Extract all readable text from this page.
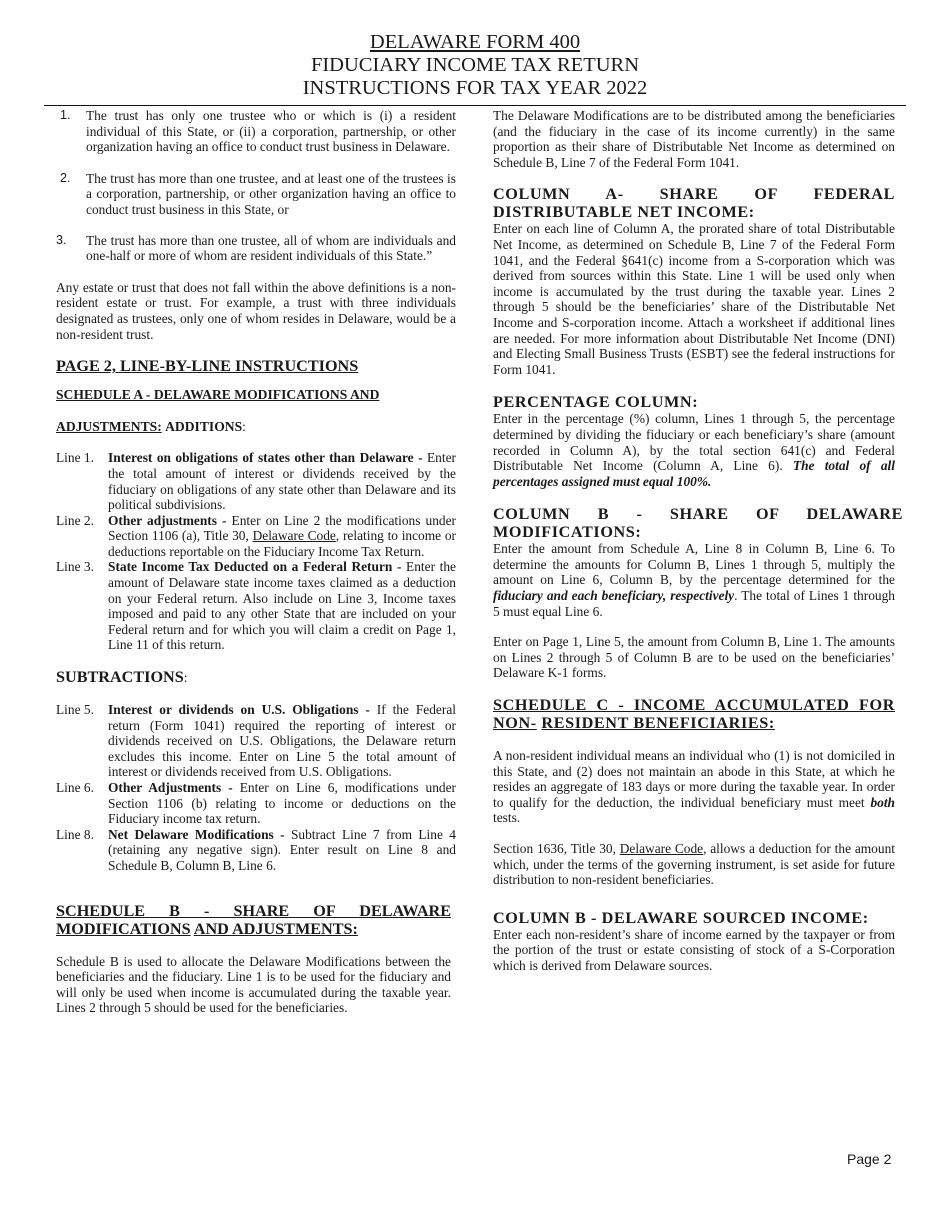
DELAWARE FORM 400
FIDUCIARY INCOME TAX RETURN
INSTRUCTIONS FOR TAX YEAR 2022
1. The trust has only one trustee who or which is (i) a resident individual of this State, or (ii) a corporation, partnership, or other organization having an office to conduct trust business in Delaware.
2. The trust has more than one trustee, and at least one of the trustees is a corporation, partnership, or other organization having an office to conduct trust business in this State, or
3. The trust has more than one trustee, all of whom are individuals and one-half or more of whom are resident individuals of this State.”

Any estate or trust that does not fall within the above definitions is a non-resident estate or trust. For example, a trust with three individuals designated as trustees, only one of whom resides in Delaware, would be a non-resident trust.

PAGE 2, LINE-BY-LINE INSTRUCTIONS
SCHEDULE A - DELAWARE MODIFICATIONS AND
ADJUSTMENTS: ADDITIONS:
Line 1. Interest on obligations of states other than Delaware - Enter the total amount of interest or dividends received by the fiduciary on obligations of any state other than Delaware and its political subdivisions.
Line 2. Other adjustments - Enter on Line 2 the modifications under Section 1106 (a), Title 30, Delaware Code, relating to income or deductions reportable on the Fiduciary Income Tax Return.
Line 3. State Income Tax Deducted on a Federal Return - Enter the amount of Delaware state income taxes claimed as a deduction on your Federal return. Also include on Line 3, Income taxes imposed and paid to any other State that are included on your Federal return and for which you will claim a credit on Page 1, Line 11 of this return.
SUBTRACTIONS:
Line 5. Interest or dividends on U.S. Obligations - If the Federal return (Form 1041) required the reporting of interest or dividends received on U.S. Obligations, the Delaware return excludes this income. Enter on Line 5 the total amount of interest or dividends received from U.S. Obligations.
Line 6. Other Adjustments - Enter on Line 6, modifications under Section 1106 (b) relating to income or deductions on the Fiduciary income tax return.
Line 8. Net Delaware Modifications - Subtract Line 7 from Line 4 (retaining any negative sign). Enter result on Line 8 and Schedule B, Column B, Line 6.
SCHEDULE B - SHARE OF DELAWARE
MODIFICATIONS AND ADJUSTMENTS:

Schedule B is used to allocate the Delaware Modifications between the beneficiaries and the fiduciary. Line 1 is to be used for the fiduciary and will only be used when income is accumulated during the taxable year. Lines 2 through 5 should be used for the beneficiaries.

The Delaware Modifications are to be distributed among the beneficiaries (and the fiduciary in the case of its income currently) in the same proportion as their share of Distributable Net Income as determined on Schedule B, Line 7 of the Federal Form 1041.

COLUMN A- SHARE OF FEDERAL
DISTRIBUTABLE NET INCOME:

Enter on each line of Column A, the prorated share of total Distributable Net Income, as determined on Schedule B, Line 7 of the Federal Form 1041, and the Federal §641(c) income from a S-corporation which was derived from sources within this State. Line 1 will be used only when income is accumulated by the trust during the taxable year. Lines 2 through 5 should be the beneficiaries’ share of the Distributable Net Income and S-corporation income. Attach a worksheet if additional lines are needed. For more information about Distributable Net Income (DNI) and Electing Small Business Trusts (ESBT) see the federal instructions for Form 1041.

PERCENTAGE COLUMN:

Enter in the percentage (%) column, Lines 1 through 5, the percentage determined by dividing the fiduciary or each beneficiary’s share (amount recorded in Column A), by the total section 641(c) and Federal Distributable Net Income (Column A, Line 6). The total of all percentages assigned must equal 100%.

COLUMN B - SHARE OF DELAWARE
MODIFICATIONS:

Enter the amount from Schedule A, Line 8 in Column B, Line 6. To determine the amounts for Column B, Lines 1 through 5, multiply the amount on Line 6, Column B, by the percentage determined for the fiduciary and each beneficiary, respectively. The total of Lines 1 through 5 must equal Line 6.

Enter on Page 1, Line 5, the amount from Column B, Line 1. The amounts on Lines 2 through 5 of Column B are to be used on the beneficiaries’ Delaware K-1 forms.

SCHEDULE C - INCOME ACCUMULATED FOR
NON- RESIDENT BENEFICIARIES:

A non-resident individual means an individual who (1) is not domiciled in this State, and (2) does not maintain an abode in this State, at which he resides an aggregate of 183 days or more during the taxable year. In order to qualify for the deduction, the individual beneficiary must meet both tests.

Section 1636, Title 30, Delaware Code, allows a deduction for the amount which, under the terms of the governing instrument, is set aside for future distribution to non-resident beneficiaries.

COLUMN B - DELAWARE SOURCED INCOME:

Enter each non-resident’s share of income earned by the taxpayer or from the portion of the trust or estate consisting of stock of a S-Corporation which is derived from Delaware sources.

Page 2
